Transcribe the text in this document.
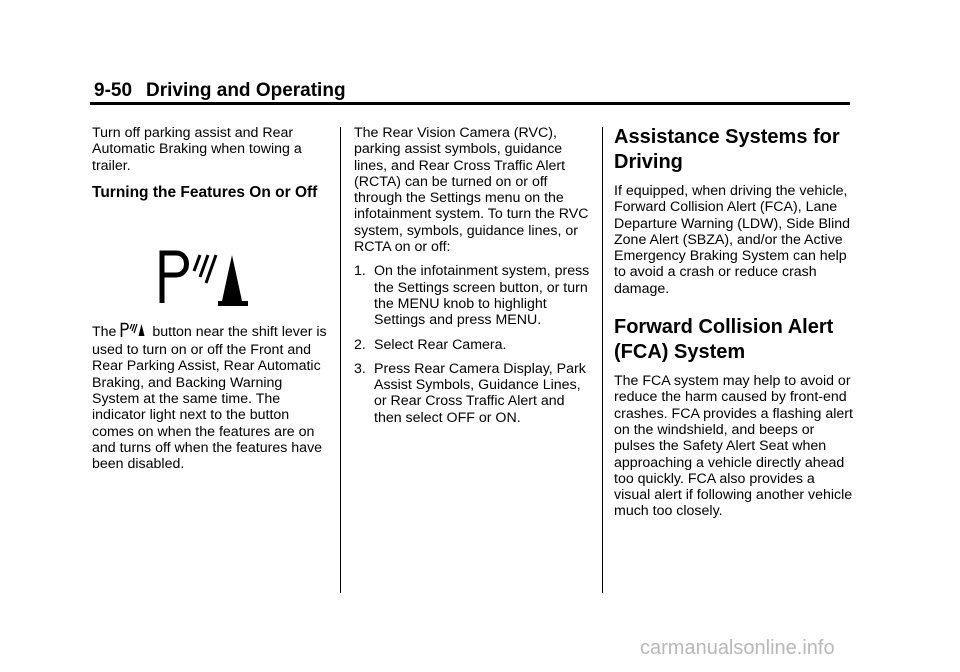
9-50 Driving and Operating

Turn off parking assist and Rear Automatic Braking when towing a trailer.

Turning the Features On or Off

The	button near the shift lever is used to turn on or off the Front and Rear Parking Assist, Rear Automatic Braking, and Backing Warning System at the same time. The indicator light next to the button comes on when the features are on and turns off when the features have been disabled.

The Rear Vision Camera (RVC), parking assist symbols, guidance lines, and Rear Cross Traffic Alert (RCTA) can be turned on or off through the Settings menu on the infotainment system. To turn the RVC system, symbols, guidance lines, or RCTA on or off:

1. On the infotainment system, press the Settings screen button, or turn the MENU knob to highlight Settings and press MENU.
2. Select Rear Camera.
3. Press Rear Camera Display, Park Assist Symbols, Guidance Lines, or Rear Cross Traffic Alert and then select OFF or ON.
Assistance Systems for Driving

If equipped, when driving the vehicle, Forward Collision Alert (FCA), Lane Departure Warning (LDW), Side Blind Zone Alert (SBZA), and/or the Active Emergency Braking System can help to avoid a crash or reduce crash damage.

Forward Collision Alert (FCA) System

The FCA system may help to avoid or reduce the harm caused by front-end crashes. FCA provides a flashing alert on the windshield, and beeps or pulses the Safety Alert Seat when approaching a vehicle directly ahead too quickly. FCA also provides a visual alert if following another vehicle much too closely.

carmanualsonline.info
